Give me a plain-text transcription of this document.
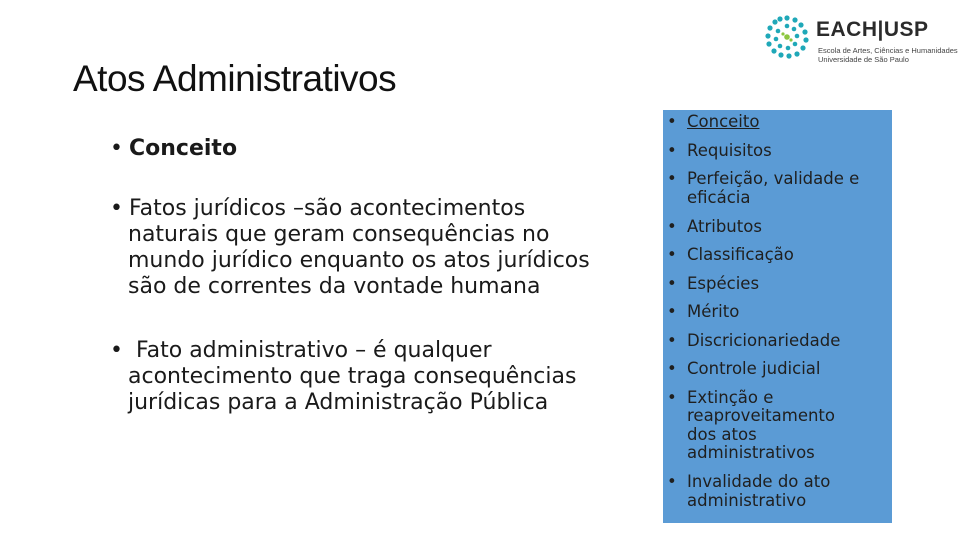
Atos Administrativos
EACH|USP
Escola de Artes, Ciências e Humanidades
Universidade de São Paulo
• Conceito
• Fatos jurídicos –são acontecimentos
naturais que geram consequências no
mundo jurídico enquanto os atos jurídicos
são de correntes da vontade humana
• Fato administrativo – é qualquer
acontecimento que traga consequências
jurídicas para a Administração Pública
• Conceito
• Requisitos
• Perfeição, validade e eficácia
• Atributos
• Classificação
• Espécies
• Mérito
• Discricionariedade
• Controle judicial
• Extinção e reaproveitamento dos atos administrativos
• Invalidade do ato administrativo
